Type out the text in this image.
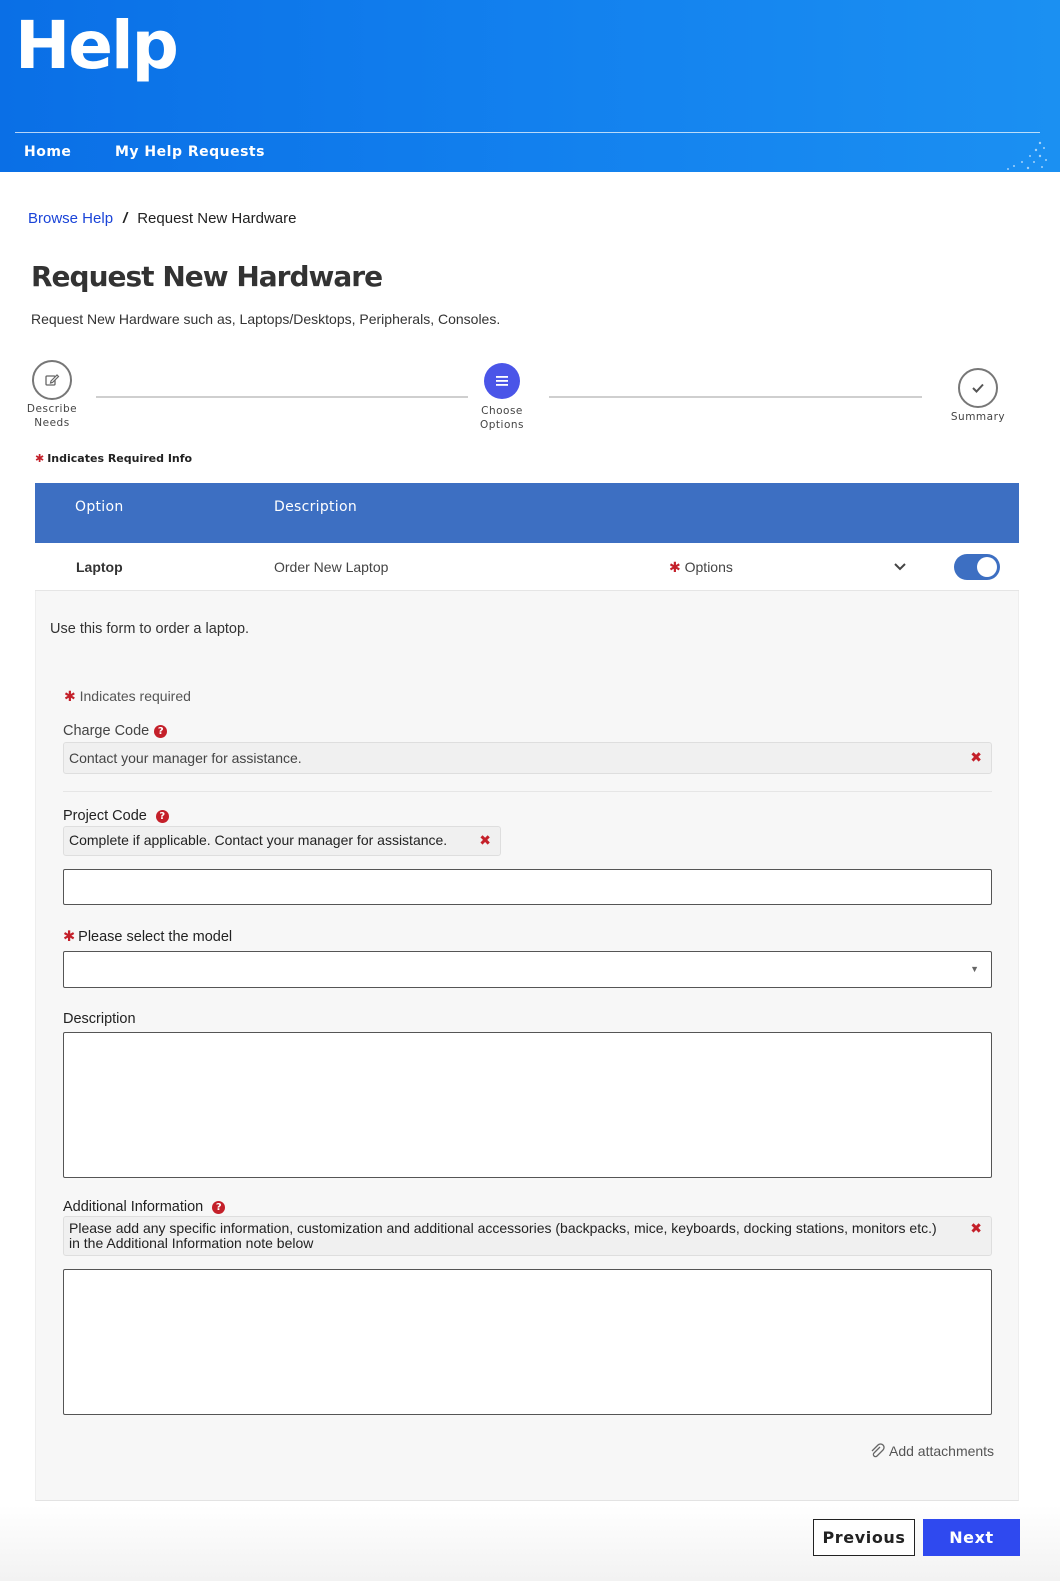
Help
Home	My Help Requests
Browse Help / Request New Hardware
Request New Hardware

Request New Hardware such as, Laptops/Desktops, Peripherals, Consoles.

Describe
Needs
Choose
Options
Summary
✱ Indicates Required Info
Option	Description
Laptop	Order New Laptop	✱ Options

Use this form to order a laptop.

✱ Indicates required
Charge Code ?
Contact your manager for assistance.	✖
Project Code	?
Complete if applicable. Contact your manager for assistance. ✖
✱ Please select the model
▼
Description
Additional Information	?
Please add any specific information, customization and additional accessories (backpacks, mice, keyboards, docking stations, monitors etc.) in the Additional Information note below
✖
Add attachments
Previous	Next
